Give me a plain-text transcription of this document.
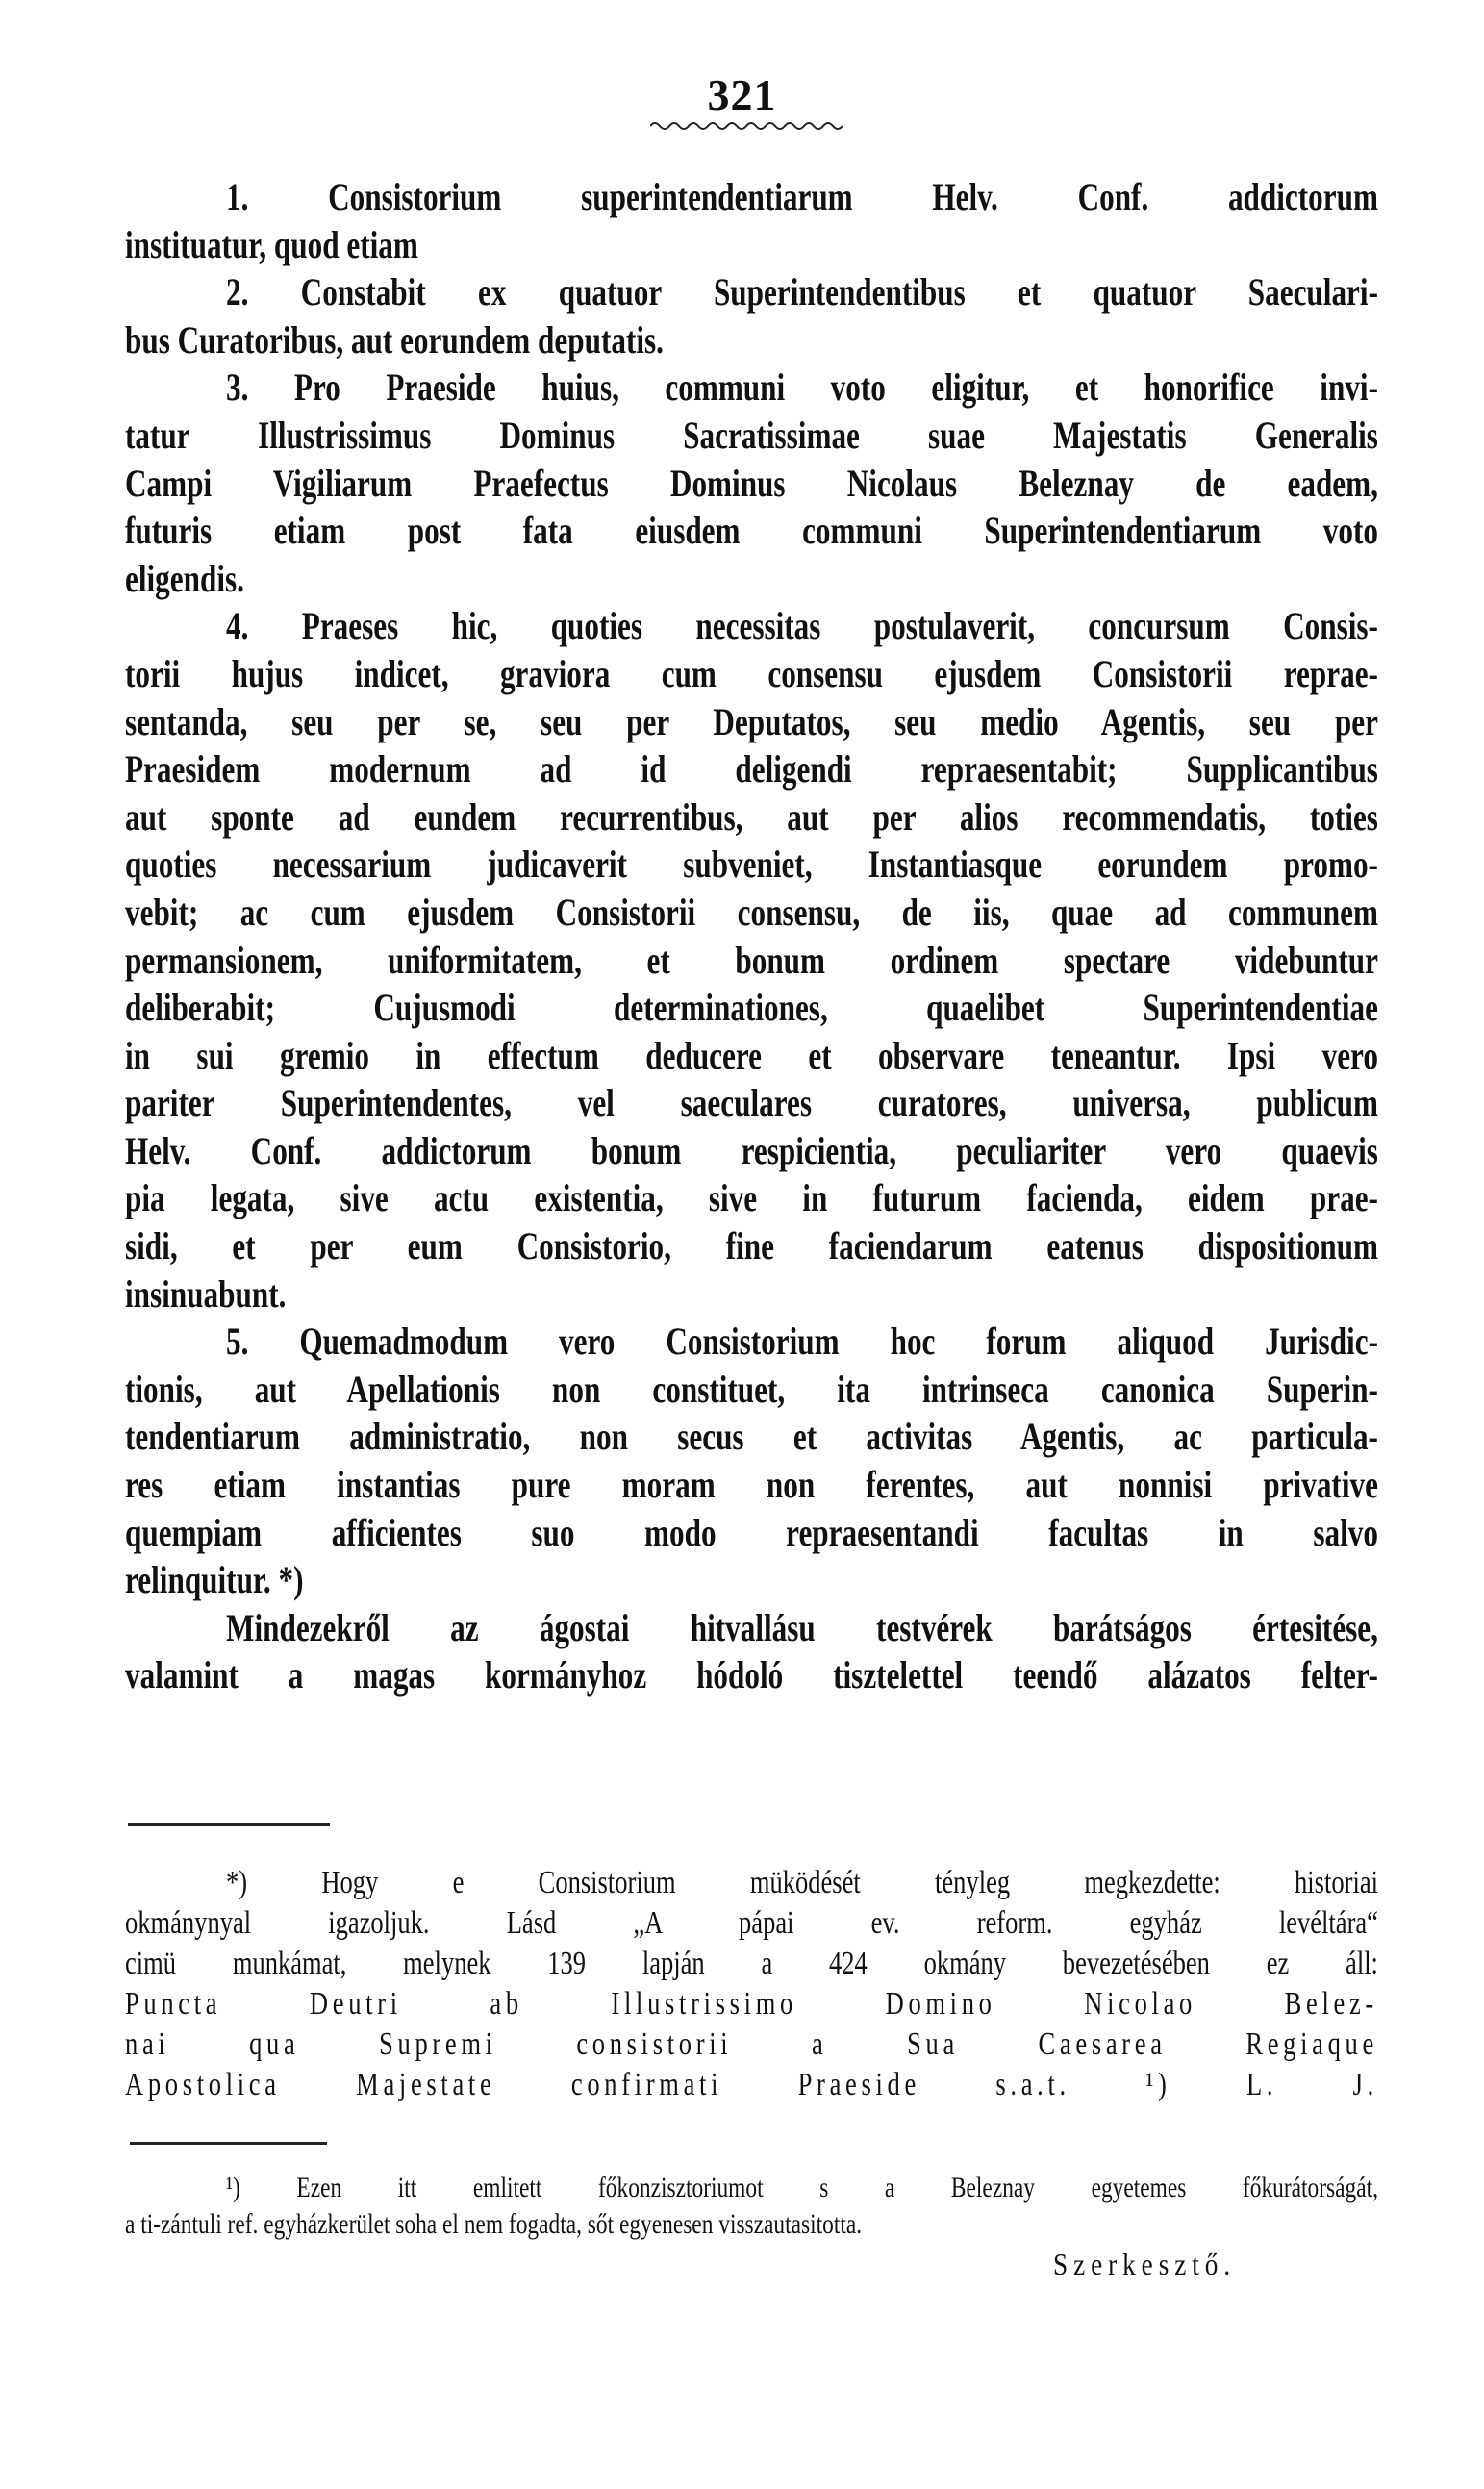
321
1. Consistorium superintendentiarum Helv. Conf. addictorum
instituatur, quod etiam
2. Constabit ex quatuor Superintendentibus et quatuor Saeculari-
bus Curatoribus, aut eorundem deputatis.
3. Pro Praeside huius, communi voto eligitur, et honorifice invi-
tatur Illustrissimus Dominus Sacratissimae suae Majestatis Generalis
Campi Vigiliarum Praefectus Dominus Nicolaus Beleznay de eadem,
futuris etiam post fata eiusdem communi Superintendentiarum voto
eligendis.
4. Praeses hic, quoties necessitas postulaverit, concursum Consis-
torii hujus indicet, graviora cum consensu ejusdem Consistorii reprae-
sentanda, seu per se, seu per Deputatos, seu medio Agentis, seu per
Praesidem modernum ad id deligendi repraesentabit; Supplicantibus
aut sponte ad eundem recurrentibus, aut per alios recommendatis, toties
quoties necessarium judicaverit subveniet, Instantiasque eorundem promo-
vebit; ac cum ejusdem Consistorii consensu, de iis, quae ad communem
permansionem, uniformitatem, et bonum ordinem spectare videbuntur
deliberabit; Cujusmodi determinationes, quaelibet Superintendentiae
in sui gremio in effectum deducere et observare teneantur. Ipsi vero
pariter Superintendentes, vel saeculares curatores, universa, publicum
Helv. Conf. addictorum bonum respicientia, peculiariter vero quaevis
pia legata, sive actu existentia, sive in futurum facienda, eidem prae-
sidi, et per eum Consistorio, fine faciendarum eatenus dispositionum
insinuabunt.
5. Quemadmodum vero Consistorium hoc forum aliquod Jurisdic-
tionis, aut Apellationis non constituet, ita intrinseca canonica Superin-
tendentiarum administratio, non secus et activitas Agentis, ac particula-
res etiam instantias pure moram non ferentes, aut nonnisi privative
quempiam afficientes suo modo repraesentandi facultas in salvo
relinquitur. *)
Mindezekről az ágostai hitvallásu testvérek barátságos értesitése,
valamint a magas kormányhoz hódoló tisztelettel teendő alázatos felter-
*) Hogy e Consistorium müködését tényleg megkezdette: historiai
okmánynyal igazoljuk. Lásd „A pápai ev. reform. egyház levéltára“
cimü munkámat, melynek 139 lapján a 424 okmány bevezetésében ez áll:
Puncta Deutri ab Illustrissimo Domino Nicolao Belez-
nai qua Supremi consistorii a Sua Caesarea Regiaque
Apostolica Majestate confirmati Praeside s.a.t. ¹) L. J.
¹) Ezen itt emlitett főkonzisztoriumot s a Beleznay egyetemes főkurátorságát,
a ti-zántuli ref. egyházkerület soha el nem fogadta, sőt egyenesen visszautasitotta.
Szerkesztő.
